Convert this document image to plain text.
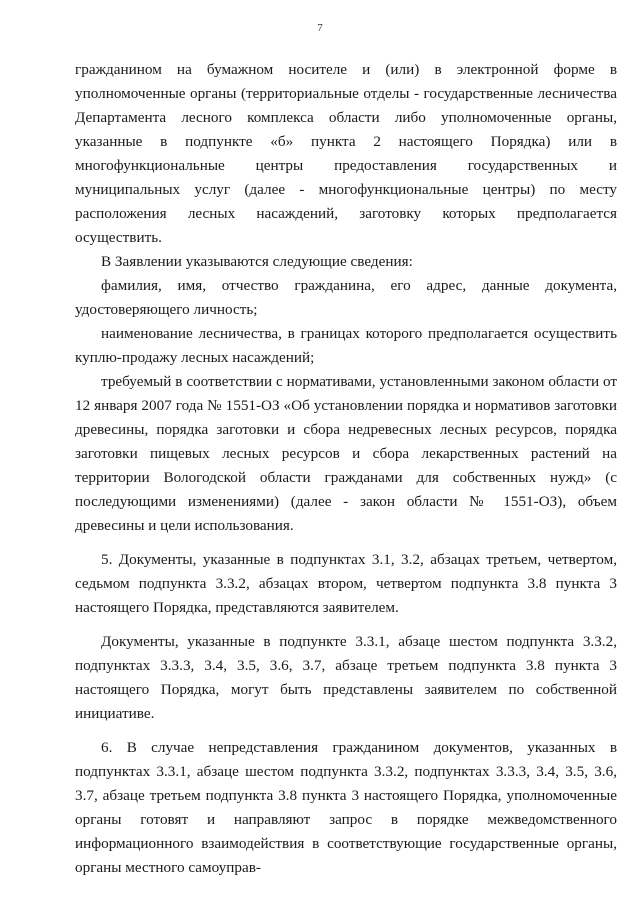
7

гражданином на бумажном носителе и (или) в электронной форме в уполномоченные органы (территориальные отделы - государственные лесничества Департамента лесного комплекса области либо уполномоченные органы, указанные в подпункте «б» пункта 2 настоящего Порядка) или в многофункциональные центры предоставления государственных и муниципальных услуг (далее - многофункциональные центры) по месту расположения лесных насаждений, заготовку которых предполагается осуществить.

В Заявлении указываются следующие сведения:

фамилия, имя, отчество гражданина, его адрес, данные документа, удостоверяющего личность;

наименование лесничества, в границах которого предполагается осуществить куплю-продажу лесных насаждений;

требуемый в соответствии с нормативами, установленными законом области от 12 января 2007 года № 1551-ОЗ «Об установлении порядка и нормативов заготовки древесины, порядка заготовки и сбора недревесных лесных ресурсов, порядка заготовки пищевых лесных ресурсов и сбора лекарственных растений на территории Вологодской области гражданами для собственных нужд» (с последующими изменениями) (далее - закон области № 1551-ОЗ), объем древесины и цели использования.

5. Документы, указанные в подпунктах 3.1, 3.2, абзацах третьем, четвертом, седьмом подпункта 3.3.2, абзацах втором, четвертом подпункта 3.8 пункта 3 настоящего Порядка, представляются заявителем.

Документы, указанные в подпункте 3.3.1, абзаце шестом подпункта 3.3.2, подпунктах 3.3.3, 3.4, 3.5, 3.6, 3.7, абзаце третьем подпункта 3.8 пункта 3 настоящего Порядка, могут быть представлены заявителем по собственной инициативе.

6. В случае непредставления гражданином документов, указанных в подпунктах 3.3.1, абзаце шестом подпункта 3.3.2, подпунктах 3.3.3, 3.4, 3.5, 3.6, 3.7, абзаце третьем подпункта 3.8 пункта 3 настоящего Порядка, уполномоченные органы готовят и направляют запрос в порядке межведомственного информационного взаимодействия в соответствующие государственные органы, органы местного самоуправ-
